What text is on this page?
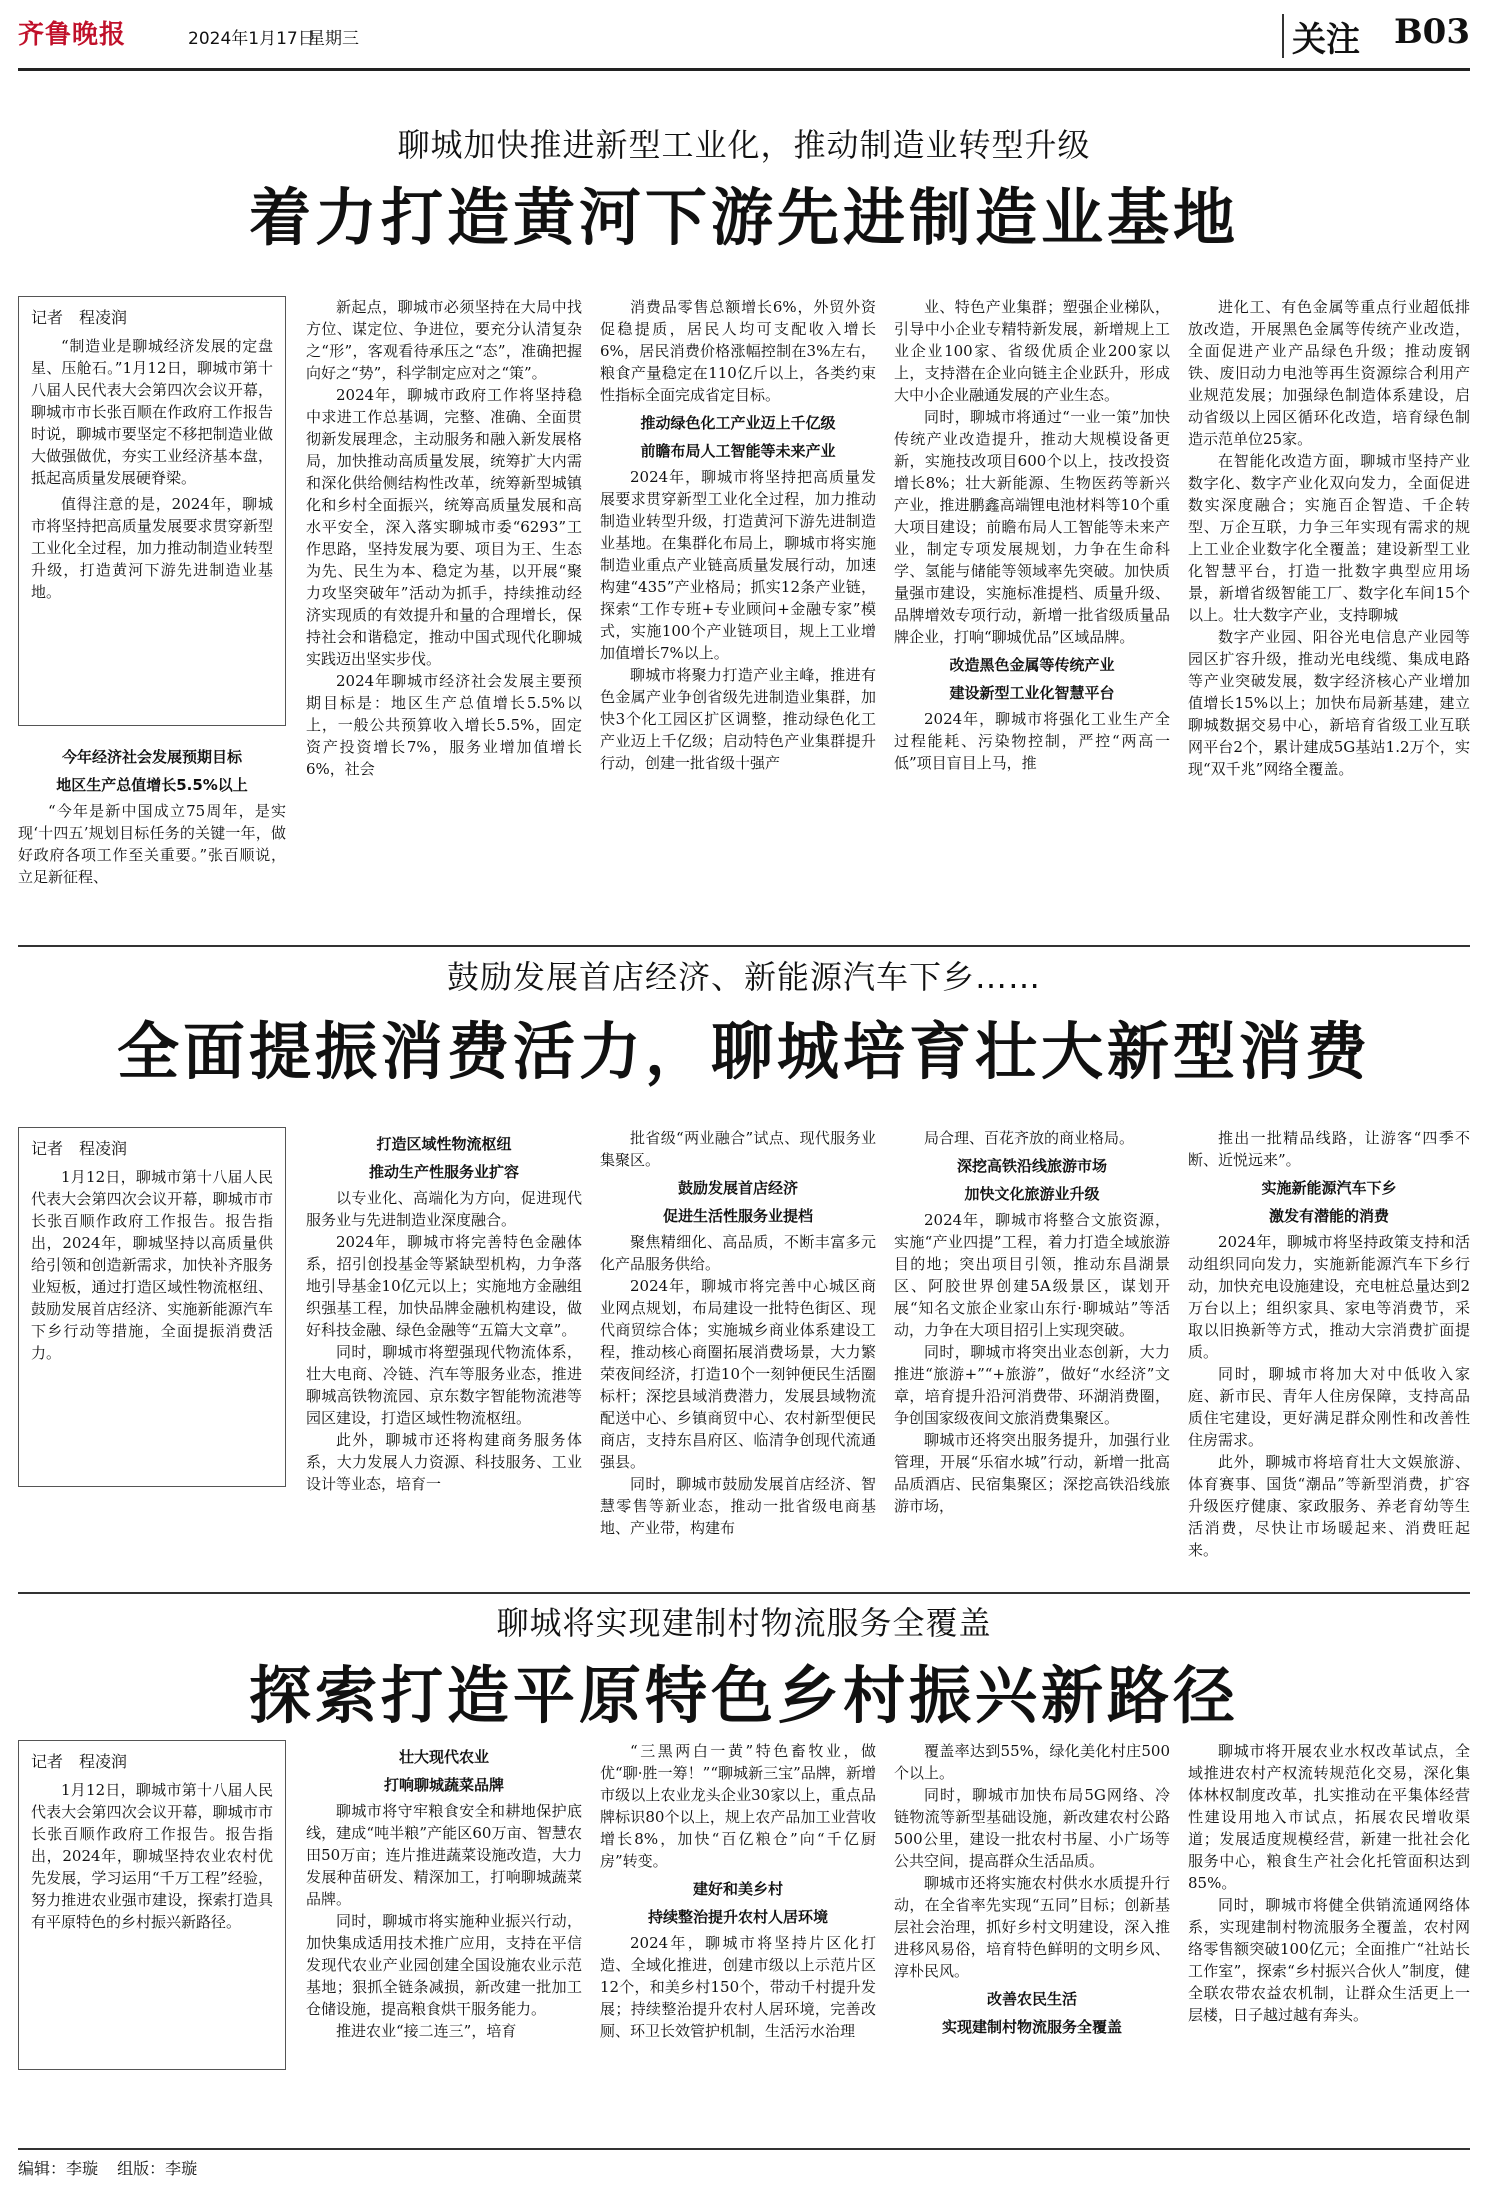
齐鲁晚报	2024年1月17日
星期三	关注 B03
聊城加快推进新型工业化，推动制造业转型升级
着力打造黄河下游先进制造业基地
记者　程凌润

“制造业是聊城经济发展的定盘星、压舱石。”1月12日，聊城市第十八届人民代表大会第四次会议开幕，聊城市市长张百顺在作政府工作报告时说，聊城市要坚定不移把制造业做大做强做优，夯实工业经济基本盘，抵起高质量发展硬脊梁。

值得注意的是，2024年，聊城市将坚持把高质量发展要求贯穿新型工业化全过程，加力推动制造业转型升级，打造黄河下游先进制造业基地。

今年经济社会发展预期目标

地区生产总值增长5.5%以上

“今年是新中国成立75周年，是实现‘十四五’规划目标任务的关键一年，做好政府各项工作至关重要。”张百顺说，立足新征程、

新起点，聊城市必须坚持在大局中找方位、谋定位、争进位，要充分认清复杂之“形”，客观看待承压之“态”，准确把握向好之“势”，科学制定应对之“策”。

2024年，聊城市政府工作将坚持稳中求进工作总基调，完整、准确、全面贯彻新发展理念，主动服务和融入新发展格局，加快推动高质量发展，统筹扩大内需和深化供给侧结构性改革，统筹新型城镇化和乡村全面振兴，统筹高质量发展和高水平安全，深入落实聊城市委“6293”工作思路，坚持发展为要、项目为王、生态为先、民生为本、稳定为基，以开展“聚力攻坚突破年”活动为抓手，持续推动经济实现质的有效提升和量的合理增长，保持社会和谐稳定，推动中国式现代化聊城实践迈出坚实步伐。

2024年聊城市经济社会发展主要预期目标是：地区生产总值增长5.5%以上，一般公共预算收入增长5.5%，固定资产投资增长7%，服务业增加值增长6%，社会

消费品零售总额增长6%，外贸外资促稳提质，居民人均可支配收入增长6%，居民消费价格涨幅控制在3%左右，粮食产量稳定在110亿斤以上，各类约束性指标全面完成省定目标。

推动绿色化工产业迈上千亿级

前瞻布局人工智能等未来产业

2024年，聊城市将坚持把高质量发展要求贯穿新型工业化全过程，加力推动制造业转型升级，打造黄河下游先进制造业基地。在集群化布局上，聊城市将实施制造业重点产业链高质量发展行动，加速构建“435”产业格局；抓实12条产业链，探索“工作专班+专业顾问+金融专家”模式，实施100个产业链项目，规上工业增加值增长7%以上。

聊城市将聚力打造产业主峰，推进有色金属产业争创省级先进制造业集群，加快3个化工园区扩区调整，推动绿色化工产业迈上千亿级；启动特色产业集群提升行动，创建一批省级十强产

业、特色产业集群；塑强企业梯队，引导中小企业专精特新发展，新增规上工业企业100家、省级优质企业200家以上，支持潜在企业向链主企业跃升，形成大中小企业融通发展的产业生态。

同时，聊城市将通过“一业一策”加快传统产业改造提升，推动大规模设备更新，实施技改项目600个以上，技改投资增长8%；壮大新能源、生物医药等新兴产业，推进鹏鑫高端锂电池材料等10个重大项目建设；前瞻布局人工智能等未来产业，制定专项发展规划，力争在生命科学、氢能与储能等领域率先突破。加快质量强市建设，实施标准提档、质量升级、品牌增效专项行动，新增一批省级质量品牌企业，打响“聊城优品”区域品牌。

改造黑色金属等传统产业

建设新型工业化智慧平台

2024年，聊城市将强化工业生产全过程能耗、污染物控制，严控“两高一低”项目盲目上马，推

进化工、有色金属等重点行业超低排放改造，开展黑色金属等传统产业改造，全面促进产业产品绿色升级；推动废钢铁、废旧动力电池等再生资源综合利用产业规范发展；加强绿色制造体系建设，启动省级以上园区循环化改造，培育绿色制造示范单位25家。

在智能化改造方面，聊城市坚持产业数字化、数字产业化双向发力，全面促进数实深度融合；实施百企智造、千企转型、万企互联，力争三年实现有需求的规上工业企业数字化全覆盖；建设新型工业化智慧平台，打造一批数字典型应用场景，新增省级智能工厂、数字化车间15个以上。壮大数字产业，支持聊城

数字产业园、阳谷光电信息产业园等园区扩容升级，推动光电线缆、集成电路等产业突破发展，数字经济核心产业增加值增长15%以上；加快布局新基建，建立聊城数据交易中心，新培育省级工业互联网平台2个，累计建成5G基站1.2万个，实现“双千兆”网络全覆盖。

鼓励发展首店经济、新能源汽车下乡……
全面提振消费活力，聊城培育壮大新型消费
记者　程凌润

1月12日，聊城市第十八届人民代表大会第四次会议开幕，聊城市市长张百顺作政府工作报告。报告指出，2024年，聊城坚持以高质量供给引领和创造新需求，加快补齐服务业短板，通过打造区域性物流枢纽、鼓励发展首店经济、实施新能源汽车下乡行动等措施，全面提振消费活力。

打造区域性物流枢纽

推动生产性服务业扩容

以专业化、高端化为方向，促进现代服务业与先进制造业深度融合。

2024年，聊城市将完善特色金融体系，招引创投基金等紧缺型机构，力争落地引导基金10亿元以上；实施地方金融组织强基工程，加快品牌金融机构建设，做好科技金融、绿色金融等“五篇大文章”。

同时，聊城市将塑强现代物流体系，壮大电商、冷链、汽车等服务业态，推进聊城高铁物流园、京东数字智能物流港等园区建设，打造区域性物流枢纽。

此外，聊城市还将构建商务服务体系，大力发展人力资源、科技服务、工业设计等业态，培育一

批省级“两业融合”试点、现代服务业集聚区。

鼓励发展首店经济

促进生活性服务业提档

聚焦精细化、高品质，不断丰富多元化产品服务供给。

2024年，聊城市将完善中心城区商业网点规划，布局建设一批特色街区、现代商贸综合体；实施城乡商业体系建设工程，推动核心商圈拓展消费场景，大力繁荣夜间经济，打造10个一刻钟便民生活圈标杆；深挖县域消费潜力，发展县域物流配送中心、乡镇商贸中心、农村新型便民商店，支持东昌府区、临清争创现代流通强县。

同时，聊城市鼓励发展首店经济、智慧零售等新业态，推动一批省级电商基地、产业带，构建布

局合理、百花齐放的商业格局。

深挖高铁沿线旅游市场

加快文化旅游业升级

2024年，聊城市将整合文旅资源，实施“产业四提”工程，着力打造全域旅游目的地；突出项目引领，推动东昌湖景区、阿胶世界创建5A级景区，谋划开展“知名文旅企业家山东行·聊城站”等活动，力争在大项目招引上实现突破。

同时，聊城市将突出业态创新，大力推进“旅游+”“+旅游”，做好“水经济”文章，培育提升沿河消费带、环湖消费圈，争创国家级夜间文旅消费集聚区。

聊城市还将突出服务提升，加强行业管理，开展“乐宿水城”行动，新增一批高品质酒店、民宿集聚区；深挖高铁沿线旅游市场，

推出一批精品线路，让游客“四季不断、近悦远来”。

实施新能源汽车下乡

激发有潜能的消费

2024年，聊城市将坚持政策支持和活动组织同向发力，实施新能源汽车下乡行动，加快充电设施建设，充电桩总量达到2万台以上；组织家具、家电等消费节，采取以旧换新等方式，推动大宗消费扩面提质。

同时，聊城市将加大对中低收入家庭、新市民、青年人住房保障，支持高品质住宅建设，更好满足群众刚性和改善性住房需求。

此外，聊城市将培育壮大文娱旅游、体育赛事、国货“潮品”等新型消费，扩容升级医疗健康、家政服务、养老育幼等生活消费，尽快让市场暖起来、消费旺起来。

聊城将实现建制村物流服务全覆盖
探索打造平原特色乡村振兴新路径
记者　程凌润

1月12日，聊城市第十八届人民代表大会第四次会议开幕，聊城市市长张百顺作政府工作报告。报告指出，2024年，聊城坚持农业农村优先发展，学习运用“千万工程”经验，努力推进农业强市建设，探索打造具有平原特色的乡村振兴新路径。

壮大现代农业

打响聊城蔬菜品牌

聊城市将守牢粮食安全和耕地保护底线，建成“吨半粮”产能区60万亩、智慧农田50万亩；连片推进蔬菜设施改造，大力发展种苗研发、精深加工，打响聊城蔬菜品牌。

同时，聊城市将实施种业振兴行动，加快集成适用技术推广应用，支持在平信发现代农业产业园创建全国设施农业示范基地；狠抓全链条减损，新改建一批加工仓储设施，提高粮食烘干服务能力。

推进农业“接二连三”，培育

“三黑两白一黄”特色畜牧业，做优“聊·胜一筹！”“聊城新三宝”品牌，新增市级以上农业龙头企业30家以上，重点品牌标识80个以上，规上农产品加工业营收增长8%，加快“百亿粮仓”向“千亿厨房”转变。

建好和美乡村

持续整治提升农村人居环境

2024年，聊城市将坚持片区化打造、全域化推进，创建市级以上示范片区12个，和美乡村150个，带动千村提升发展；持续整治提升农村人居环境，完善改厕、环卫长效管护机制，生活污水治理

覆盖率达到55%，绿化美化村庄500个以上。

同时，聊城市加快布局5G网络、冷链物流等新型基础设施，新改建农村公路500公里，建设一批农村书屋、小广场等公共空间，提高群众生活品质。

聊城市还将实施农村供水水质提升行动，在全省率先实现“五同”目标；创新基层社会治理，抓好乡村文明建设，深入推进移风易俗，培育特色鲜明的文明乡风、淳朴民风。

改善农民生活

实现建制村物流服务全覆盖

聊城市将开展农业水权改革试点，全域推进农村产权流转规范化交易，深化集体林权制度改革，扎实推动在平集体经营性建设用地入市试点，拓展农民增收渠道；发展适度规模经营，新建一批社会化服务中心，粮食生产社会化托管面积达到85%。

同时，聊城市将健全供销流通网络体系，实现建制村物流服务全覆盖，农村网络零售额突破100亿元；全面推广“社站长工作室”，探索“乡村振兴合伙人”制度，健全联农带农益农机制，让群众生活更上一层楼，日子越过越有奔头。

编辑：李璇 组版：李璇
